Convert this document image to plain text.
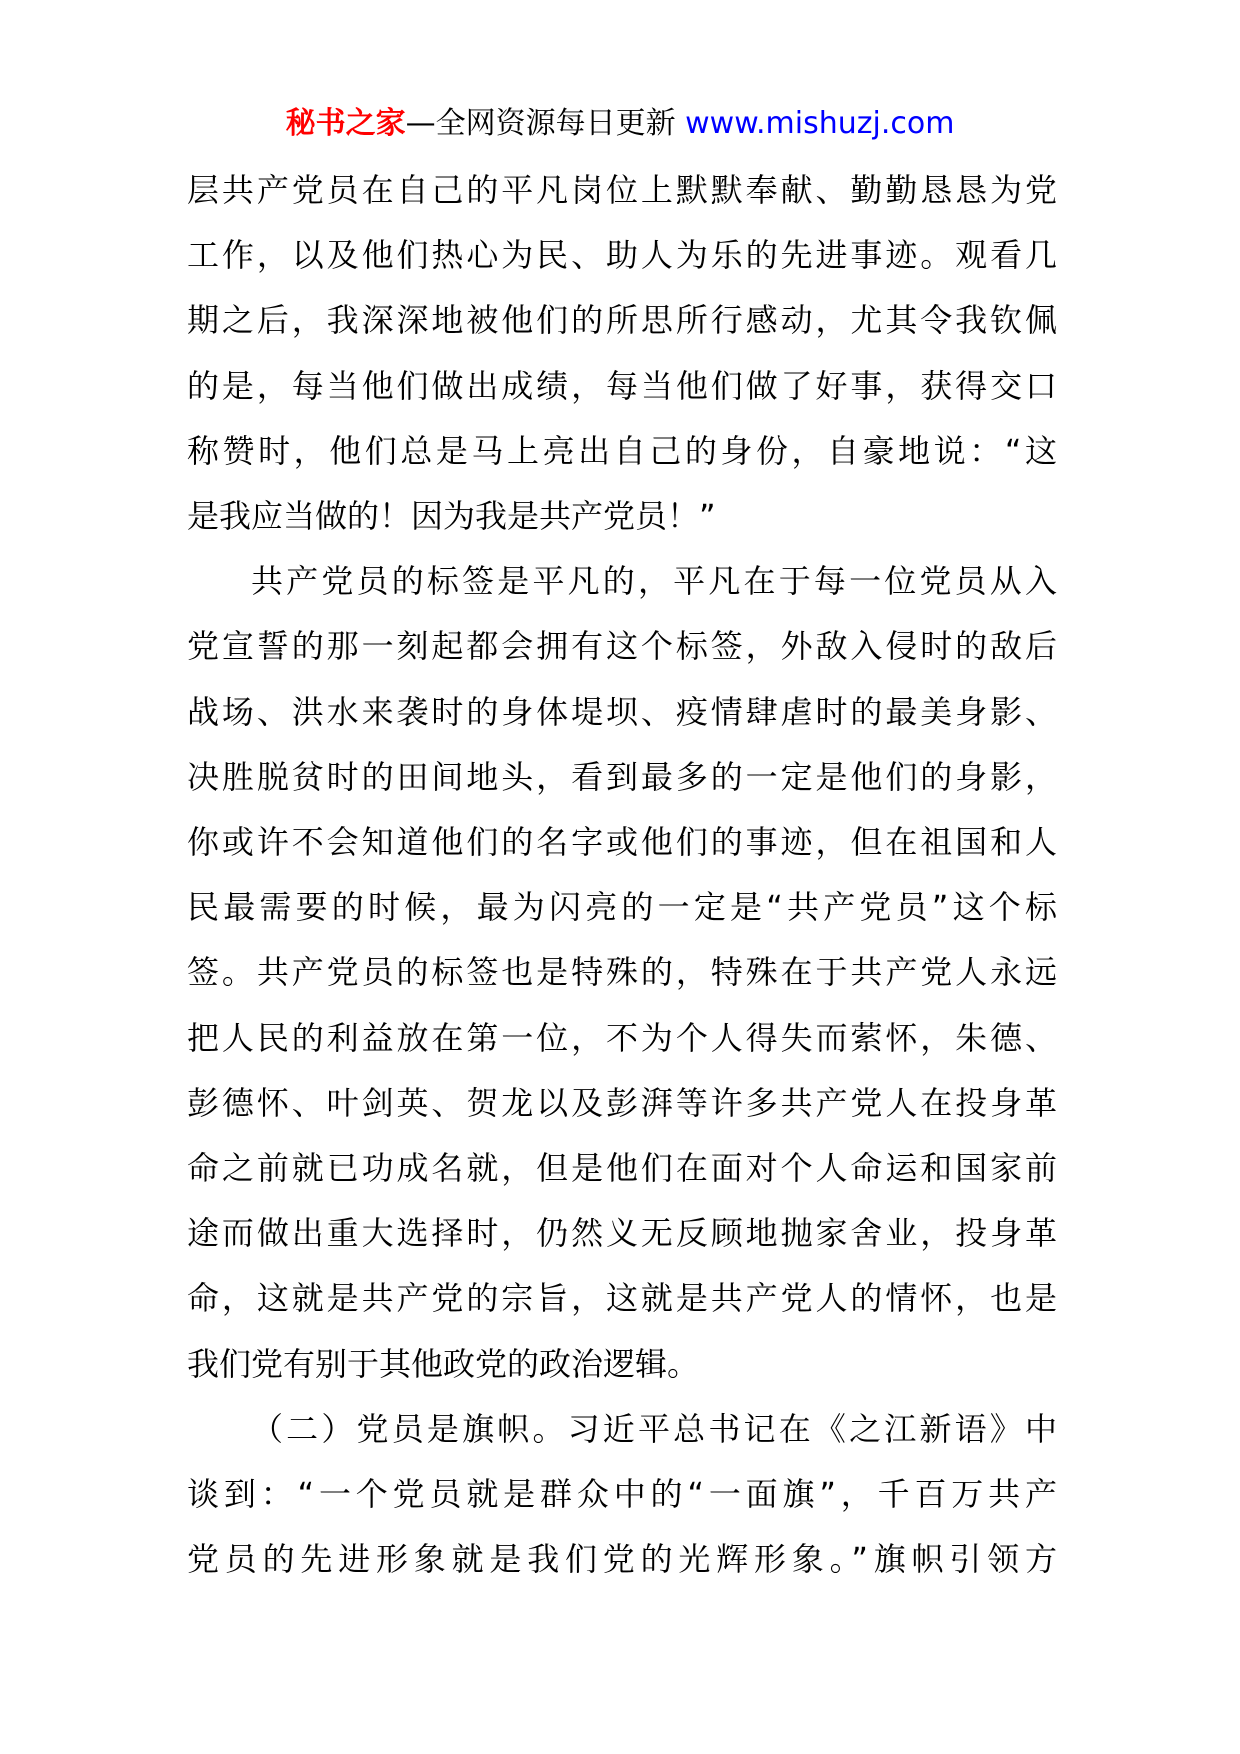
秘书之家—全网资源每日更新 www.mishuzj.com
层共产党员在自己的平凡岗位上默默奉献、勤勤恳恳为党
工作，以及他们热心为民、助人为乐的先进事迹。观看几
期之后，我深深地被他们的所思所行感动，尤其令我钦佩
的是，每当他们做出成绩，每当他们做了好事，获得交口
称赞时，他们总是马上亮出自己的身份，自豪地说：“这
是我应当做的！因为我是共产党员！”
共产党员的标签是平凡的，平凡在于每一位党员从入
党宣誓的那一刻起都会拥有这个标签，外敌入侵时的敌后
战场、洪水来袭时的身体堤坝、疫情肆虐时的最美身影、
决胜脱贫时的田间地头，看到最多的一定是他们的身影，
你或许不会知道他们的名字或他们的事迹，但在祖国和人
民最需要的时候，最为闪亮的一定是“共产党员”这个标
签。共产党员的标签也是特殊的，特殊在于共产党人永远
把人民的利益放在第一位，不为个人得失而萦怀，朱德、
彭德怀、叶剑英、贺龙以及彭湃等许多共产党人在投身革
命之前就已功成名就，但是他们在面对个人命运和国家前
途而做出重大选择时，仍然义无反顾地抛家舍业，投身革
命，这就是共产党的宗旨，这就是共产党人的情怀，也是
我们党有别于其他政党的政治逻辑。
（二）党员是旗帜。习近平总书记在《之江新语》中
谈到：“一个党员就是群众中的“一面旗”，千百万共产
党员的先进形象就是我们党的光辉形象。”旗帜引领方
